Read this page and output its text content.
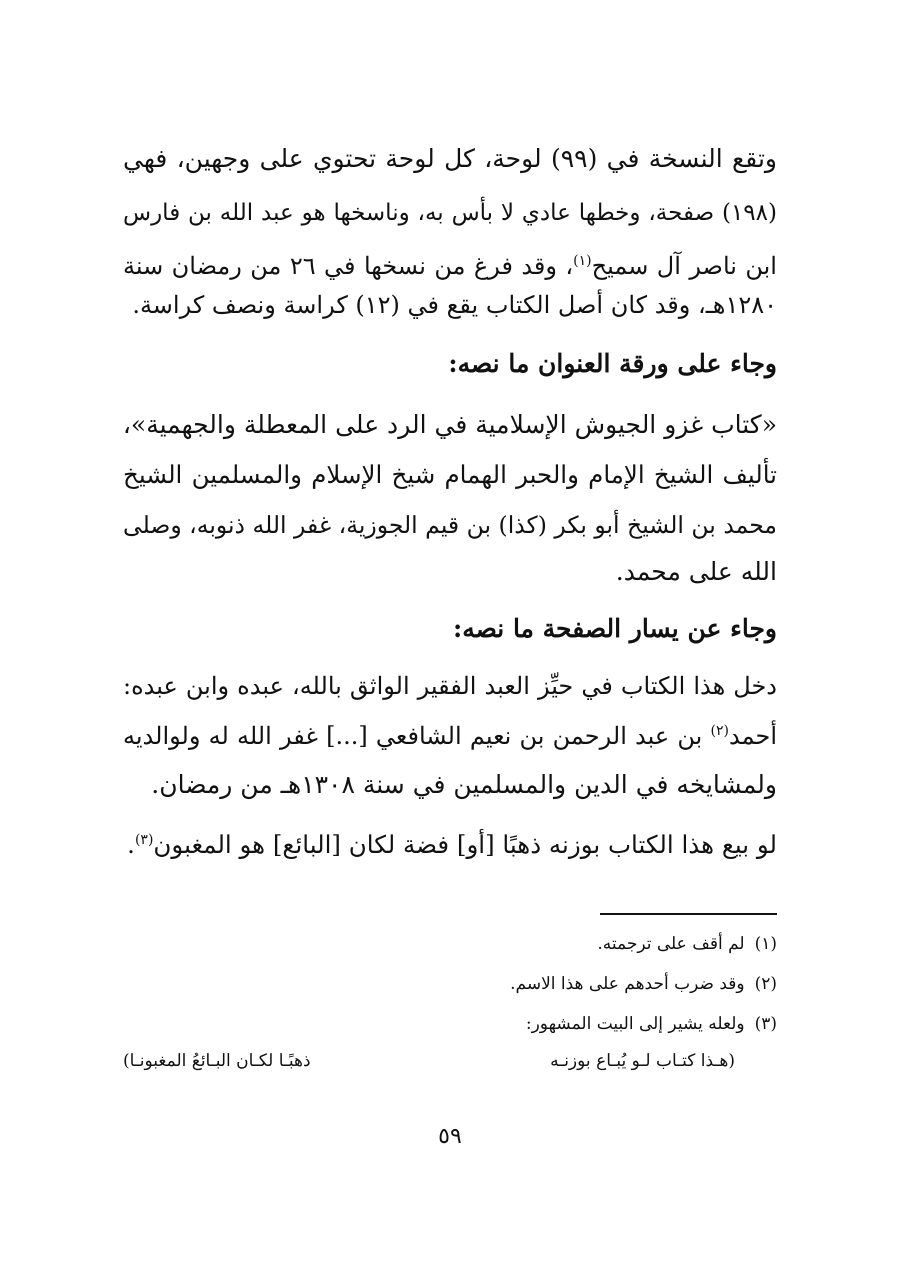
وتقع النسخة في (٩٩) لوحة، كل لوحة تحتوي على وجهين، فهي
(١٩٨) صفحة، وخطها عادي لا بأس به، وناسخها هو عبد الله بن فارس
ابن ناصر آل سميح$^{(١)}$، وقد فرغ من نسخها في ٢٦ من رمضان سنة
١٢٨٠هـ، وقد كان أصل الكتاب يقع في (١٢) كراسة ونصف كراسة.
وجاء على ورقة العنوان ما نصه:
«كتاب غزو الجيوش الإسلامية في الرد على المعطلة والجهمية»،
تأليف الشيخ الإمام والحبر الهمام شيخ الإسلام والمسلمين الشيخ
محمد بن الشيخ أبو بكر (كذا) بن قيم الجوزية، غفر الله ذنوبه، وصلى
الله على محمد.
وجاء عن يسار الصفحة ما نصه:
دخل هذا الكتاب في حيِّز العبد الفقير الواثق بالله، عبده وابن عبده:
أحمد$^{(٢)}$ بن عبد الرحمن بن نعيم الشافعي [...] غفر الله له ولوالديه
ولمشايخه في الدين والمسلمين في سنة ١٣٠٨هـ من رمضان.
لو بيع هذا الكتاب بوزنه ذهبًا [أو] فضة لكان [البائع] هو المغبون$^{(٣)}$.
(١)لم أقف على ترجمته.
(٢)وقد ضرب أحدهم على هذا الاسم.
(٣)ولعله يشير إلى البيت المشهور:
(هـذا كتـاب لـو يُبـاع بوزنـه
ذهبًـا لكـان البـائعُ المغبونـا)
٥٩
